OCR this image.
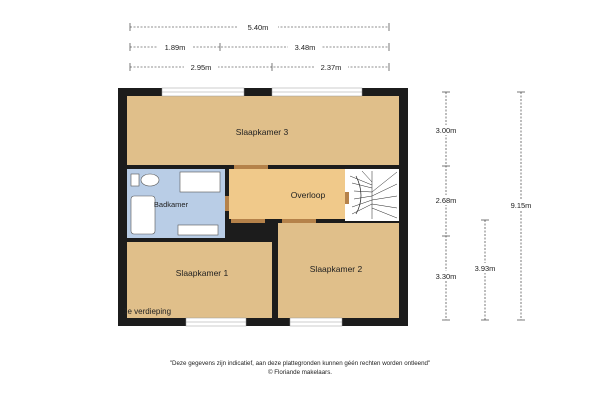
5.40m
1.89m	3.48m
2.95m	2.37m
Slaapkamer 3
Badkamer
Overloop
Slaapkamer 1	Slaapkamer 2
3.00m
2.68m
3.30m
3.93m
9.15m
1e verdieping
"Deze gegevens zijn indicatief, aan deze plattegronden kunnen géén rechten worden ontleend"
© Floriande makelaars.
